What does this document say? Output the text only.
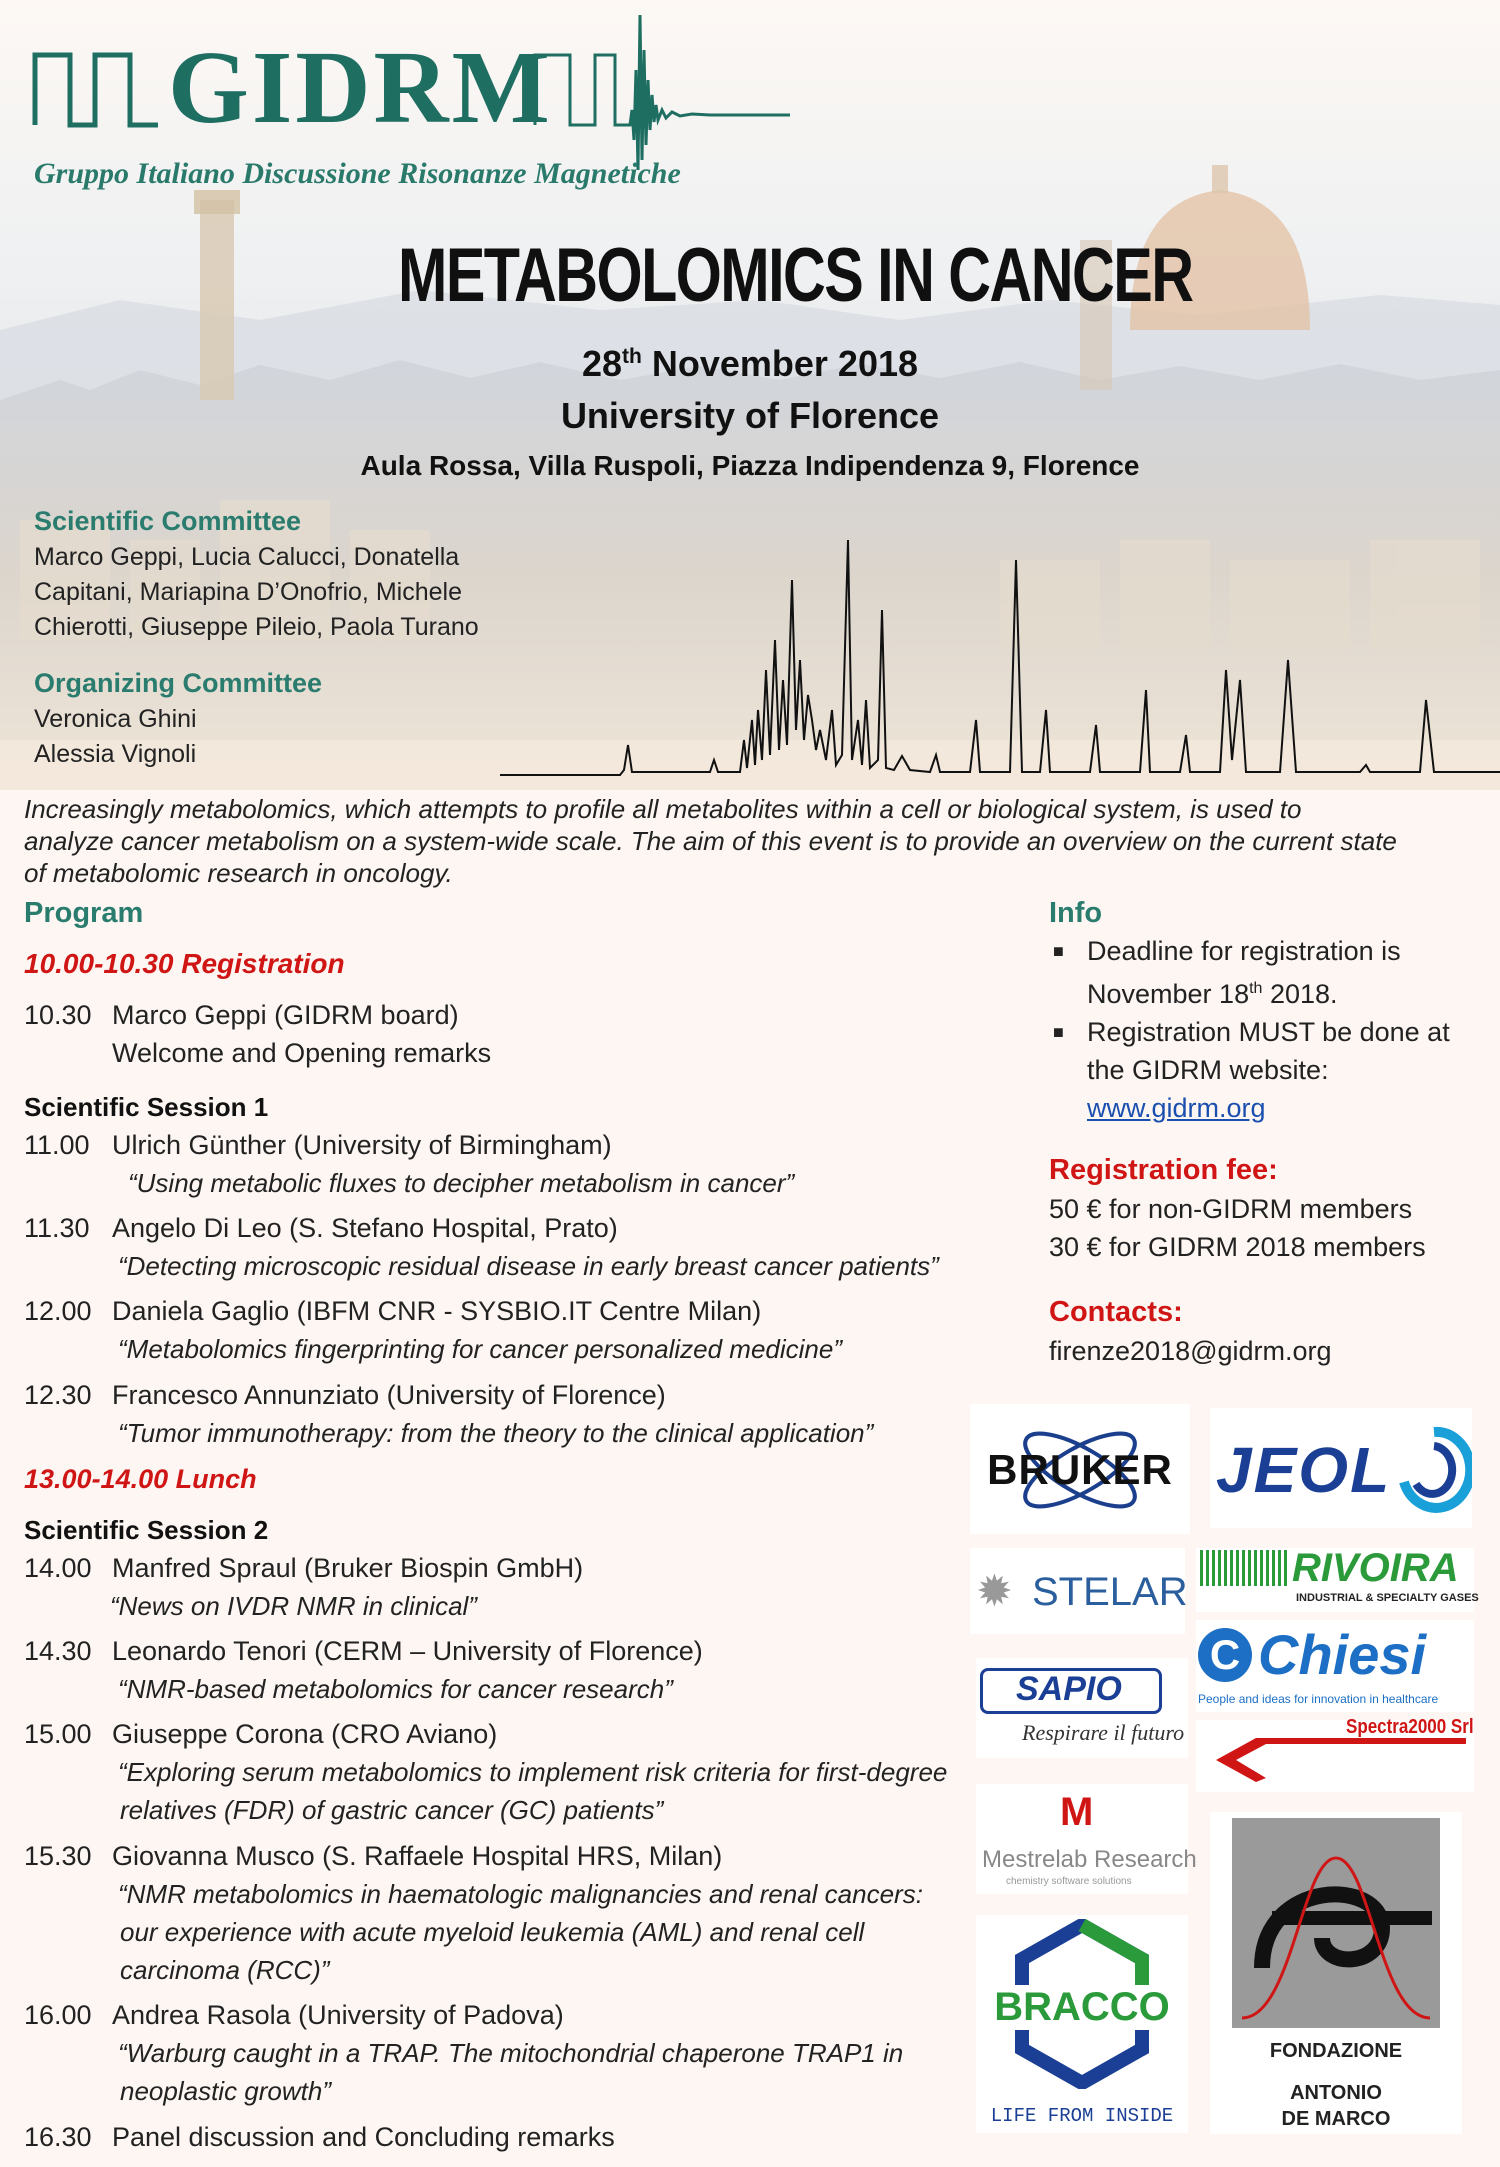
GIDRM
Gruppo Italiano Discussione Risonanze Magnetiche
METABOLOMICS IN CANCER
28th November 2018
University of Florence
Aula Rossa, Villa Ruspoli, Piazza Indipendenza 9, Florence
Scientific Committee
Marco Geppi, Lucia Calucci, Donatella
Capitani, Mariapina D’Onofrio, Michele
Chierotti, Giuseppe Pileio, Paola Turano
Organizing Committee
Veronica Ghini
Alessia Vignoli
Increasingly metabolomics, which attempts to profile all metabolites within a cell or biological system, is used to
analyze cancer metabolism on a system-wide scale. The aim of this event is to provide an overview on the current state
of metabolomic research in oncology.
Program
10.00-10.30 Registration
10.30 Marco Geppi (GIDRM board)
Welcome and Opening remarks
Scientific Session 1
11.00 Ulrich Günther (University of Birmingham)
“Using metabolic fluxes to decipher metabolism in cancer”
11.30 Angelo Di Leo (S. Stefano Hospital, Prato)
“Detecting microscopic residual disease in early breast cancer patients”
12.00 Daniela Gaglio (IBFM CNR - SYSBIO.IT Centre Milan)
“Metabolomics fingerprinting for cancer personalized medicine”
12.30 Francesco Annunziato (University of Florence)
“Tumor immunotherapy: from the theory to the clinical application”
13.00-14.00 Lunch
Scientific Session 2
14.00 Manfred Spraul (Bruker Biospin GmbH)
“News on IVDR NMR in clinical”
14.30 Leonardo Tenori (CERM – University of Florence)
“NMR-based metabolomics for cancer research”
15.00 Giuseppe Corona (CRO Aviano)
“Exploring serum metabolomics to implement risk criteria for first-degree
relatives (FDR) of gastric cancer (GC) patients”
15.30 Giovanna Musco (S. Raffaele Hospital HRS, Milan)
“NMR metabolomics in haematologic malignancies and renal cancers:
our experience with acute myeloid leukemia (AML) and renal cell
carcinoma (RCC)”
16.00 Andrea Rasola (University of Padova)
“Warburg caught in a TRAP. The mitochondrial chaperone TRAP1 in
neoplastic growth”
16.30 Panel discussion and Concluding remarks
Info
■ Deadline for registration is
November 18th 2018.
■ Registration MUST be done at
the GIDRM website:
www.gidrm.org
Registration fee:
50 € for non-GIDRM members
30 € for GIDRM 2018 members
Contacts:
firenze2018@gidrm.org
BRUKER JEOL
✹ STELAR
RIVOIRA
INDUSTRIAL & SPECIALTY GASES
C Chiesi
People and ideas for innovation in healthcare
SAPIO
Respirare il futuro	Spectra2000 Srl
M
Mestrelab Research
chemistry software solutions
FONDAZIONE
ANTONIO
DE MARCO
BRACCO
LIFE FROM INSIDE
